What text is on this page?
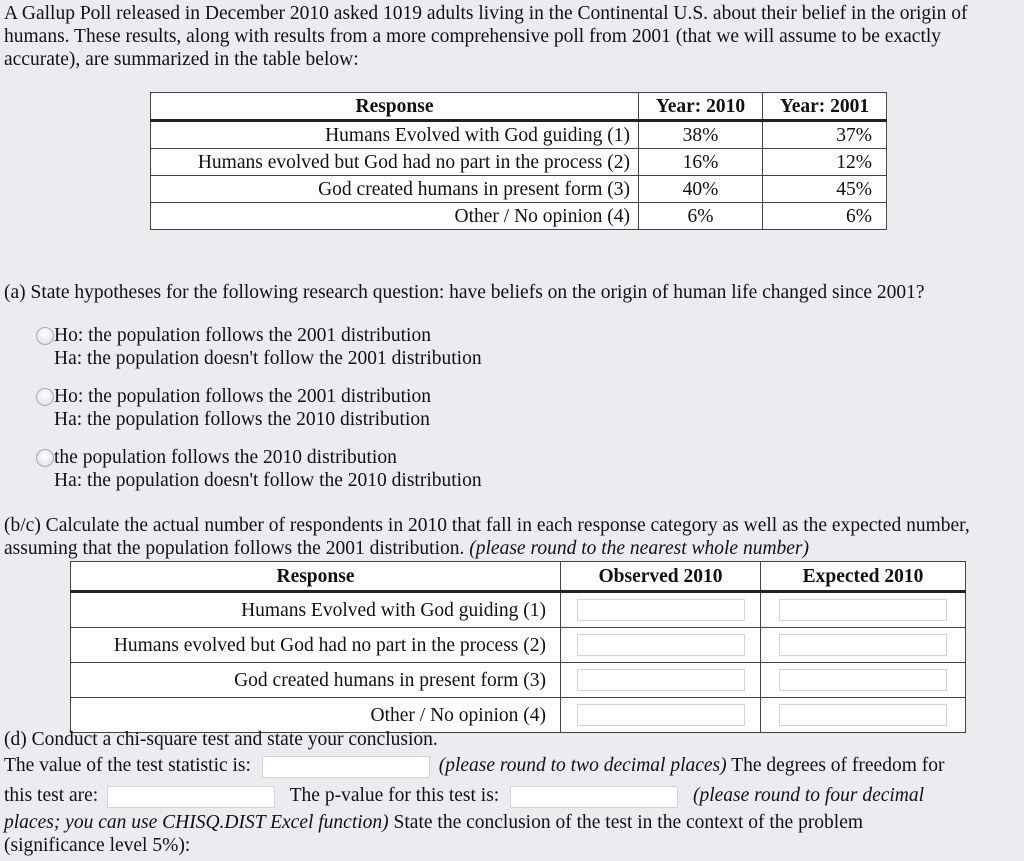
A Gallup Poll released in December 2010 asked 1019 adults living in the Continental U.S. about their belief in the origin of humans. These results, along with results from a more comprehensive poll from 2001 (that we will assume to be exactly accurate), are summarized in the table below:
Response	Year: 2010	Year: 2001
Humans Evolved with God guiding (1)	38%	37%
Humans evolved but God had no part in the process (2)	16%	12%
God created humans in present form (3)	40%	45%
Other / No opinion (4)	6%	6%
(a) State hypotheses for the following research question: have beliefs on the origin of human life changed since 2001?
Ho: the population follows the 2001 distribution
Ha: the population doesn't follow the 2001 distribution
Ho: the population follows the 2001 distribution
Ha: the population follows the 2010 distribution
the population follows the 2010 distribution
Ha: the population doesn't follow the 2010 distribution
(b/c) Calculate the actual number of respondents in 2010 that fall in each response category as well as the expected number, assuming that the population follows the 2001 distribution. (please round to the nearest whole number)
Response	Observed 2010	Expected 2010
Humans Evolved with God guiding (1)	

Humans evolved but God had no part in the process (2)	

God created humans in present form (3)	

Other / No opinion (4)	

(d) Conduct a chi-square test and state your conclusion.
The value of the test statistic is:	(please round to two decimal places) The degrees of freedom for
this test are:	The p-value for this test is:	(please round to four decimal
places; you can use CHISQ.DIST Excel function) State the conclusion of the test in the context of the problem
(significance level 5%):
